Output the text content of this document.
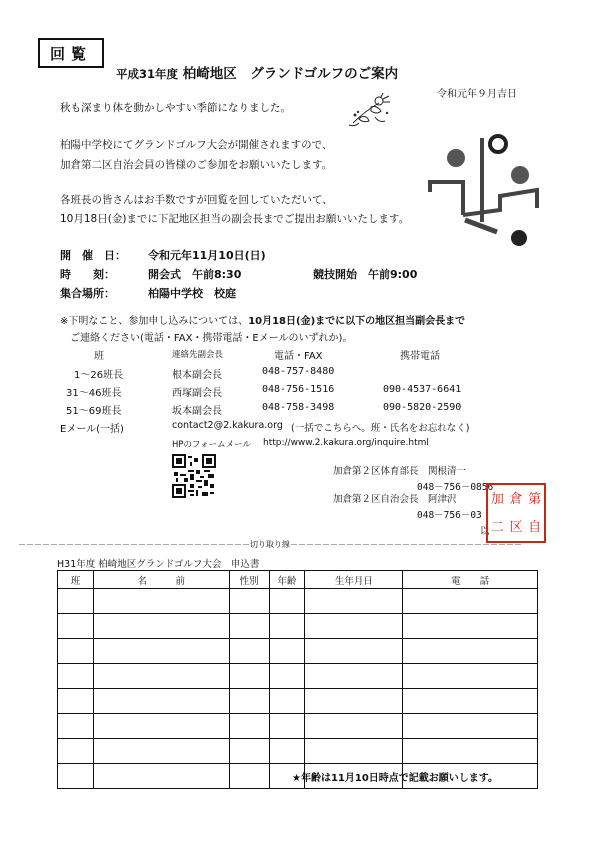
回覧
平成31年度 柏崎地区　グランドゴルフのご案内
令和元年９月吉日
秋も深まり体を動かしやすい季節になりました。
柏陽中学校にてグランドゴルフ大会が開催されますので、
加倉第二区自治会員の皆様のご参加をお願いいたします。
各班長の皆さんはお手数ですが回覧を回していただいて、
10月18日(金)までに下記地区担当の副会長までご提出お願いいたします。
開　催　日： 令和元年11月10日(日)
時　　刻：	開会式　午前8:30	競技開始　午前9:00
集合場所：	柏陽中学校　校庭
※下明なこと、参加申し込みについては、10月18日(金)までに以下の地区担当副会長まで
ご連絡ください(電話・FAX・携帯電話・Eメールのいずれか)。
班	連絡先副会長	電話・FAX	携帯電話
1～26班長	根本副会長	048-757-8480
31～46班長	西塚副会長	048-756-1516	090-4537-6641
51～69班長	坂本副会長	048-758-3498	090-5820-2590
Eメール(一括)	contact2@2.kakura.org (一括でこちらへ。班・氏名をお忘れなく)
HPのフォームメール http://www.2.kakura.org/inquire.html
加倉第２区体育部長　関根清一
048－756－0856
加倉第２区自治会長　阿津沢
048－756－03
以
加 倉 第
二 区 自
－－－－－－－－－－－－－－－－－－－－－－－－－－－－－切り取り線－－－－－－－－－－－－－－－－－－－－－－－－－－－－－
H31年度 柏崎地区グランドゴルフ大会　申込書
班	名　　　前	性別	年齢	生年月日	電　　話

★年齢は11月10日時点で記載お願いします。
